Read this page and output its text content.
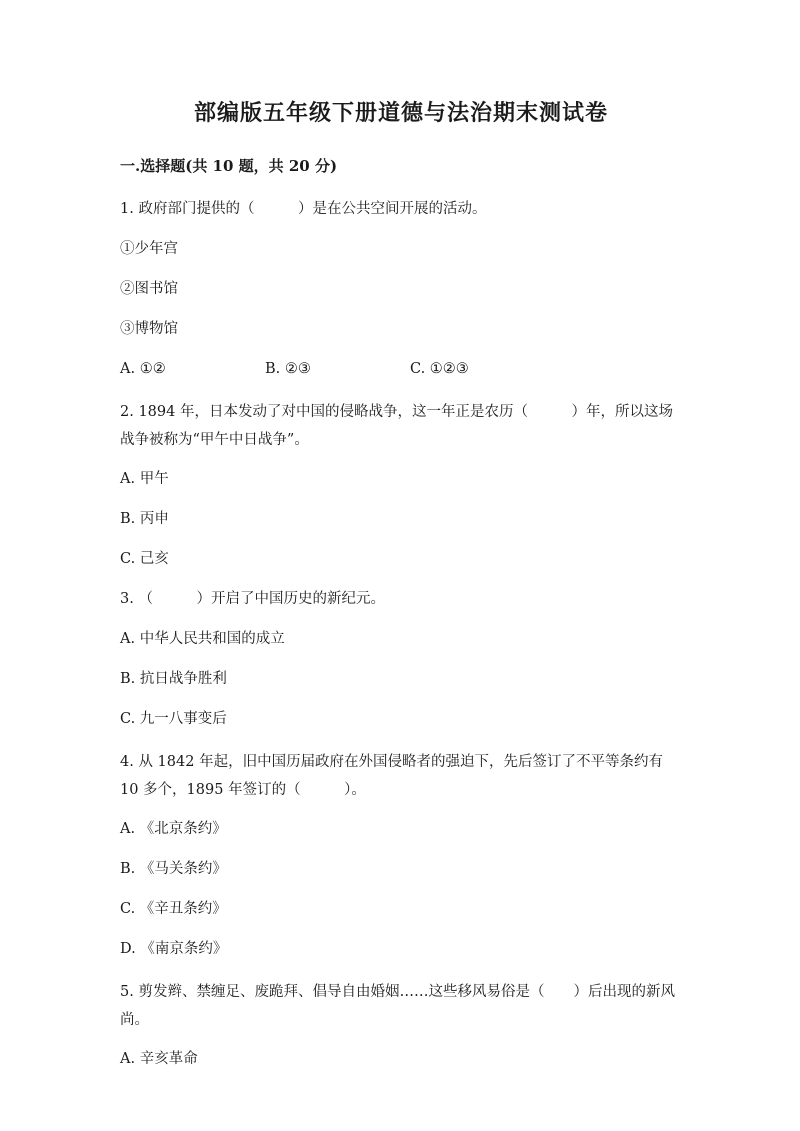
部编版五年级下册道德与法治期末测试卷
一.选择题(共 10 题，共 20 分)
1. 政府部门提供的（　　　）是在公共空间开展的活动。
①少年宫
②图书馆
③博物馆
A. ①②	B. ②③	C. ①②③
2. 1894 年，日本发动了对中国的侵略战争，这一年正是农历（　　　）年，所以这场战争被称为“甲午中日战争”。
A. 甲午
B. 丙申
C. 己亥
3. （　　　）开启了中国历史的新纪元。
A. 中华人民共和国的成立
B. 抗日战争胜利
C. 九一八事变后
4. 从 1842 年起，旧中国历届政府在外国侵略者的强迫下，先后签订了不平等条约有 10 多个，1895 年签订的（　　　）。
A. 《北京条约》
B. 《马关条约》
C. 《辛丑条约》
D. 《南京条约》
5. 剪发辫、禁缠足、废跪拜、倡导自由婚姻……这些移风易俗是（　　）后出现的新风尚。
A. 辛亥革命
